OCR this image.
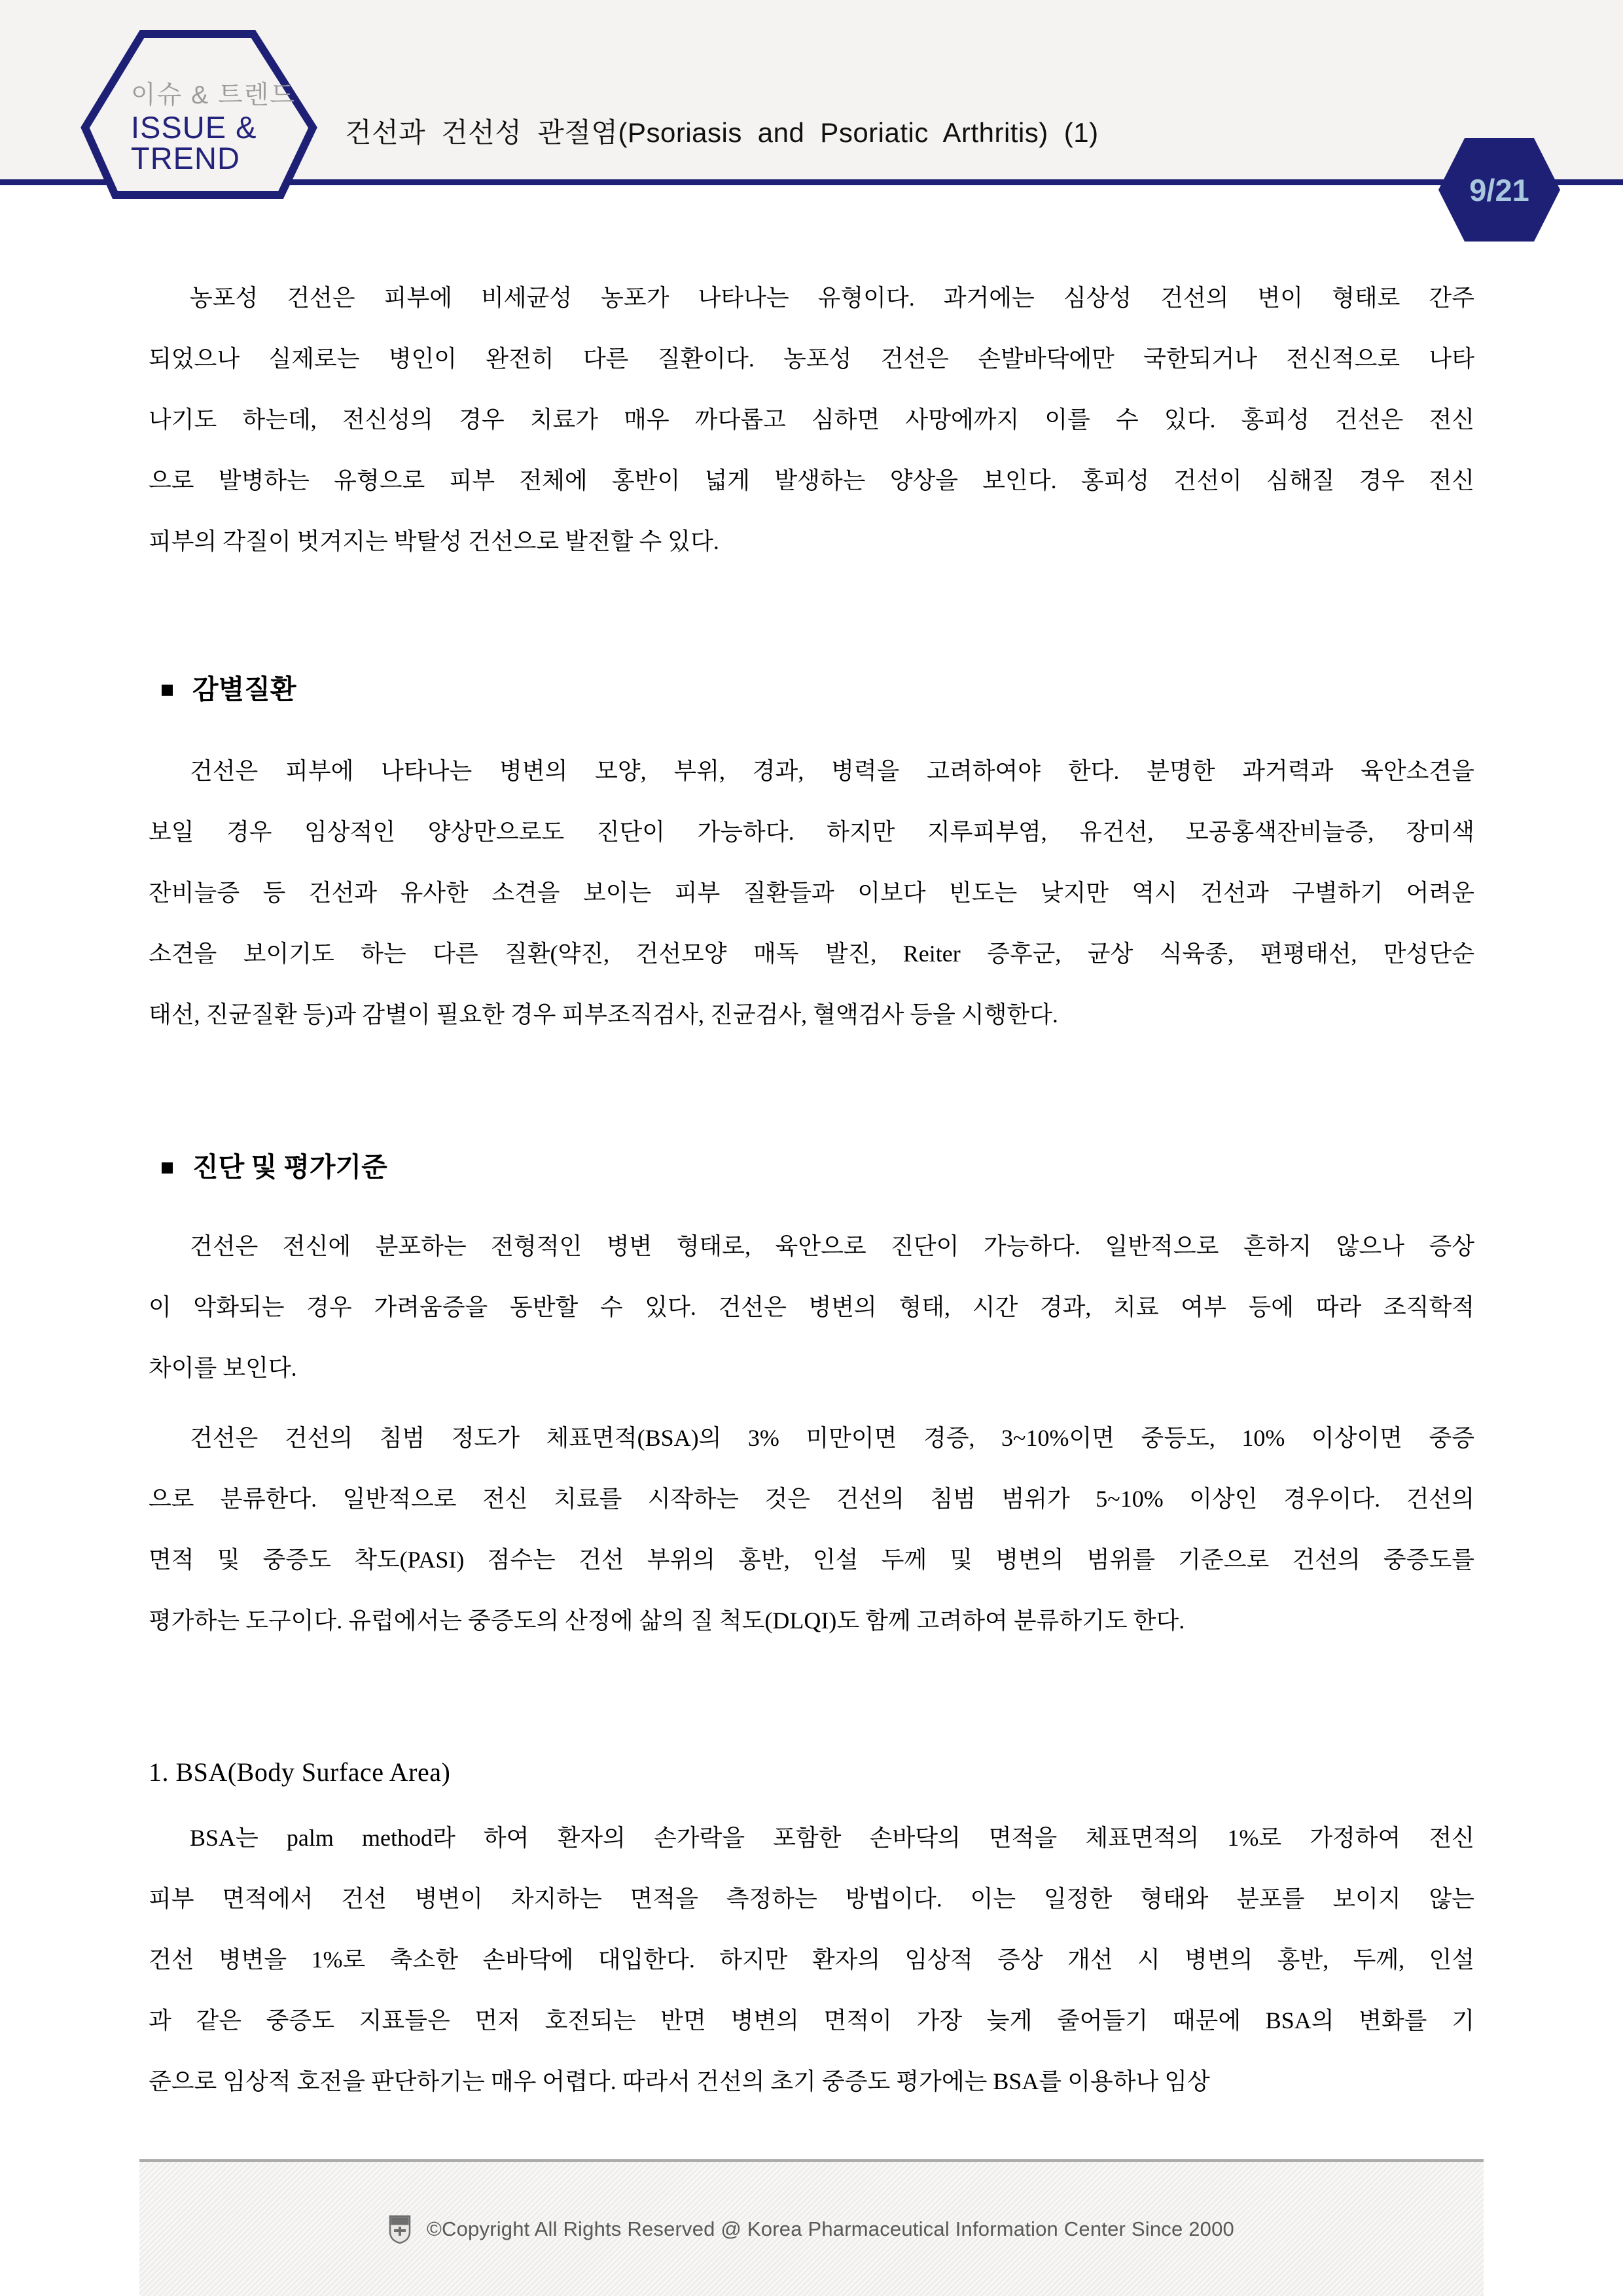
이슈 & 트렌드
ISSUE &
TREND
건선과 건선성 관절염(Psoriasis and Psoriatic Arthritis) (1)
9/21
농포성 건선은 피부에 비세균성 농포가 나타나는 유형이다. 과거에는 심상성 건선의 변이 형태로 간주
되었으나 실제로는 병인이 완전히 다른 질환이다. 농포성 건선은 손발바닥에만 국한되거나 전신적으로 나타
나기도 하는데, 전신성의 경우 치료가 매우 까다롭고 심하면 사망에까지 이를 수 있다. 홍피성 건선은 전신
으로 발병하는 유형으로 피부 전체에 홍반이 넓게 발생하는 양상을 보인다. 홍피성 건선이 심해질 경우 전신
피부의 각질이 벗겨지는 박탈성 건선으로 발전할 수 있다.
감별질환
건선은 피부에 나타나는 병변의 모양, 부위, 경과, 병력을 고려하여야 한다. 분명한 과거력과 육안소견을
보일 경우 임상적인 양상만으로도 진단이 가능하다. 하지만 지루피부염, 유건선, 모공홍색잔비늘증, 장미색
잔비늘증 등 건선과 유사한 소견을 보이는 피부 질환들과 이보다 빈도는 낮지만 역시 건선과 구별하기 어려운
소견을 보이기도 하는 다른 질환(약진, 건선모양 매독 발진, Reiter 증후군, 균상 식육종, 편평태선, 만성단순
태선, 진균질환 등)과 감별이 필요한 경우 피부조직검사, 진균검사, 혈액검사 등을 시행한다.
진단 및 평가기준
건선은 전신에 분포하는 전형적인 병변 형태로, 육안으로 진단이 가능하다. 일반적으로 흔하지 않으나 증상
이 악화되는 경우 가려움증을 동반할 수 있다. 건선은 병변의 형태, 시간 경과, 치료 여부 등에 따라 조직학적
차이를 보인다.
건선은 건선의 침범 정도가 체표면적(BSA)의 3% 미만이면 경증, 3~10%이면 중등도, 10% 이상이면 중증
으로 분류한다. 일반적으로 전신 치료를 시작하는 것은 건선의 침범 범위가 5~10% 이상인 경우이다. 건선의
면적 및 중증도 착도(PASI) 점수는 건선 부위의 홍반, 인설 두께 및 병변의 범위를 기준으로 건선의 중증도를
평가하는 도구이다. 유럽에서는 중증도의 산정에 삶의 질 척도(DLQI)도 함께 고려하여 분류하기도 한다.
1. BSA(Body Surface Area)
BSA는 palm method라 하여 환자의 손가락을 포함한 손바닥의 면적을 체표면적의 1%로 가정하여 전신
피부 면적에서 건선 병변이 차지하는 면적을 측정하는 방법이다. 이는 일정한 형태와 분포를 보이지 않는
건선 병변을 1%로 축소한 손바닥에 대입한다. 하지만 환자의 임상적 증상 개선 시 병변의 홍반, 두께, 인설
과 같은 중증도 지표들은 먼저 호전되는 반면 병변의 면적이 가장 늦게 줄어들기 때문에 BSA의 변화를 기
준으로 임상적 호전을 판단하기는 매우 어렵다. 따라서 건선의 초기 중증도 평가에는 BSA를 이용하나 임상
©Copyright All Rights Reserved @ Korea Pharmaceutical Information Center Since 2000
